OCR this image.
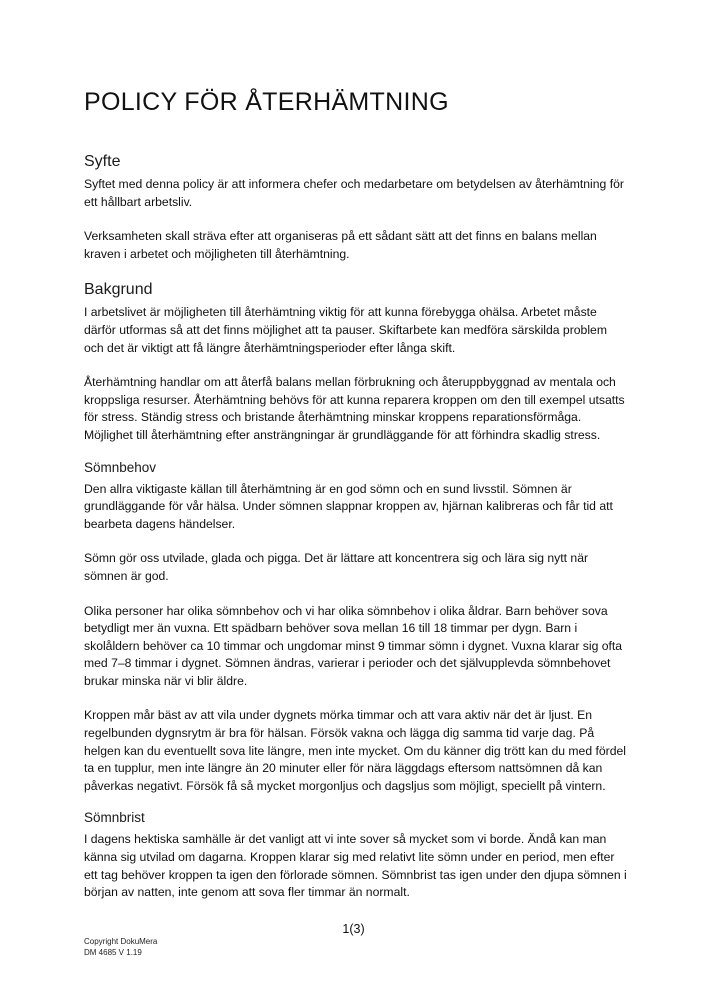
POLICY FÖR ÅTERHÄMTNING
Syfte

Syftet med denna policy är att informera chefer och medarbetare om betydelsen av återhämtning för ett hållbart arbetsliv.

Verksamheten skall sträva efter att organiseras på ett sådant sätt att det finns en balans mellan kraven i arbetet och möjligheten till återhämtning.

Bakgrund

I arbetslivet är möjligheten till återhämtning viktig för att kunna förebygga ohälsa. Arbetet måste därför utformas så att det finns möjlighet att ta pauser. Skiftarbete kan medföra särskilda problem och det är viktigt att få längre återhämtningsperioder efter långa skift.

Återhämtning handlar om att återfå balans mellan förbrukning och återuppbyggnad av mentala och kroppsliga resurser. Återhämtning behövs för att kunna reparera kroppen om den till exempel utsatts för stress. Ständig stress och bristande återhämtning minskar kroppens reparationsförmåga. Möjlighet till återhämtning efter ansträngningar är grundläggande för att förhindra skadlig stress.

Sömnbehov

Den allra viktigaste källan till återhämtning är en god sömn och en sund livsstil. Sömnen är grundläggande för vår hälsa. Under sömnen slappnar kroppen av, hjärnan kalibreras och får tid att bearbeta dagens händelser.

Sömn gör oss utvilade, glada och pigga. Det är lättare att koncentrera sig och lära sig nytt när sömnen är god.

Olika personer har olika sömnbehov och vi har olika sömnbehov i olika åldrar. Barn behöver sova betydligt mer än vuxna. Ett spädbarn behöver sova mellan 16 till 18 timmar per dygn. Barn i skolåldern behöver ca 10 timmar och ungdomar minst 9 timmar sömn i dygnet. Vuxna klarar sig ofta med 7–8 timmar i dygnet. Sömnen ändras, varierar i perioder och det självupplevda sömnbehovet brukar minska när vi blir äldre.

Kroppen mår bäst av att vila under dygnets mörka timmar och att vara aktiv när det är ljust. En regelbunden dygnsrytm är bra för hälsan. Försök vakna och lägga dig samma tid varje dag. På helgen kan du eventuellt sova lite längre, men inte mycket. Om du känner dig trött kan du med fördel ta en tupplur, men inte längre än 20 minuter eller för nära läggdags eftersom nattsömnen då kan påverkas negativt. Försök få så mycket morgonljus och dagsljus som möjligt, speciellt på vintern.

Sömnbrist

I dagens hektiska samhälle är det vanligt att vi inte sover så mycket som vi borde. Ändå kan man känna sig utvilad om dagarna. Kroppen klarar sig med relativt lite sömn under en period, men efter ett tag behöver kroppen ta igen den förlorade sömnen. Sömnbrist tas igen under den djupa sömnen i början av natten, inte genom att sova fler timmar än normalt.

1(3)
Copyright DokuMera
DM 4685 V 1.19
